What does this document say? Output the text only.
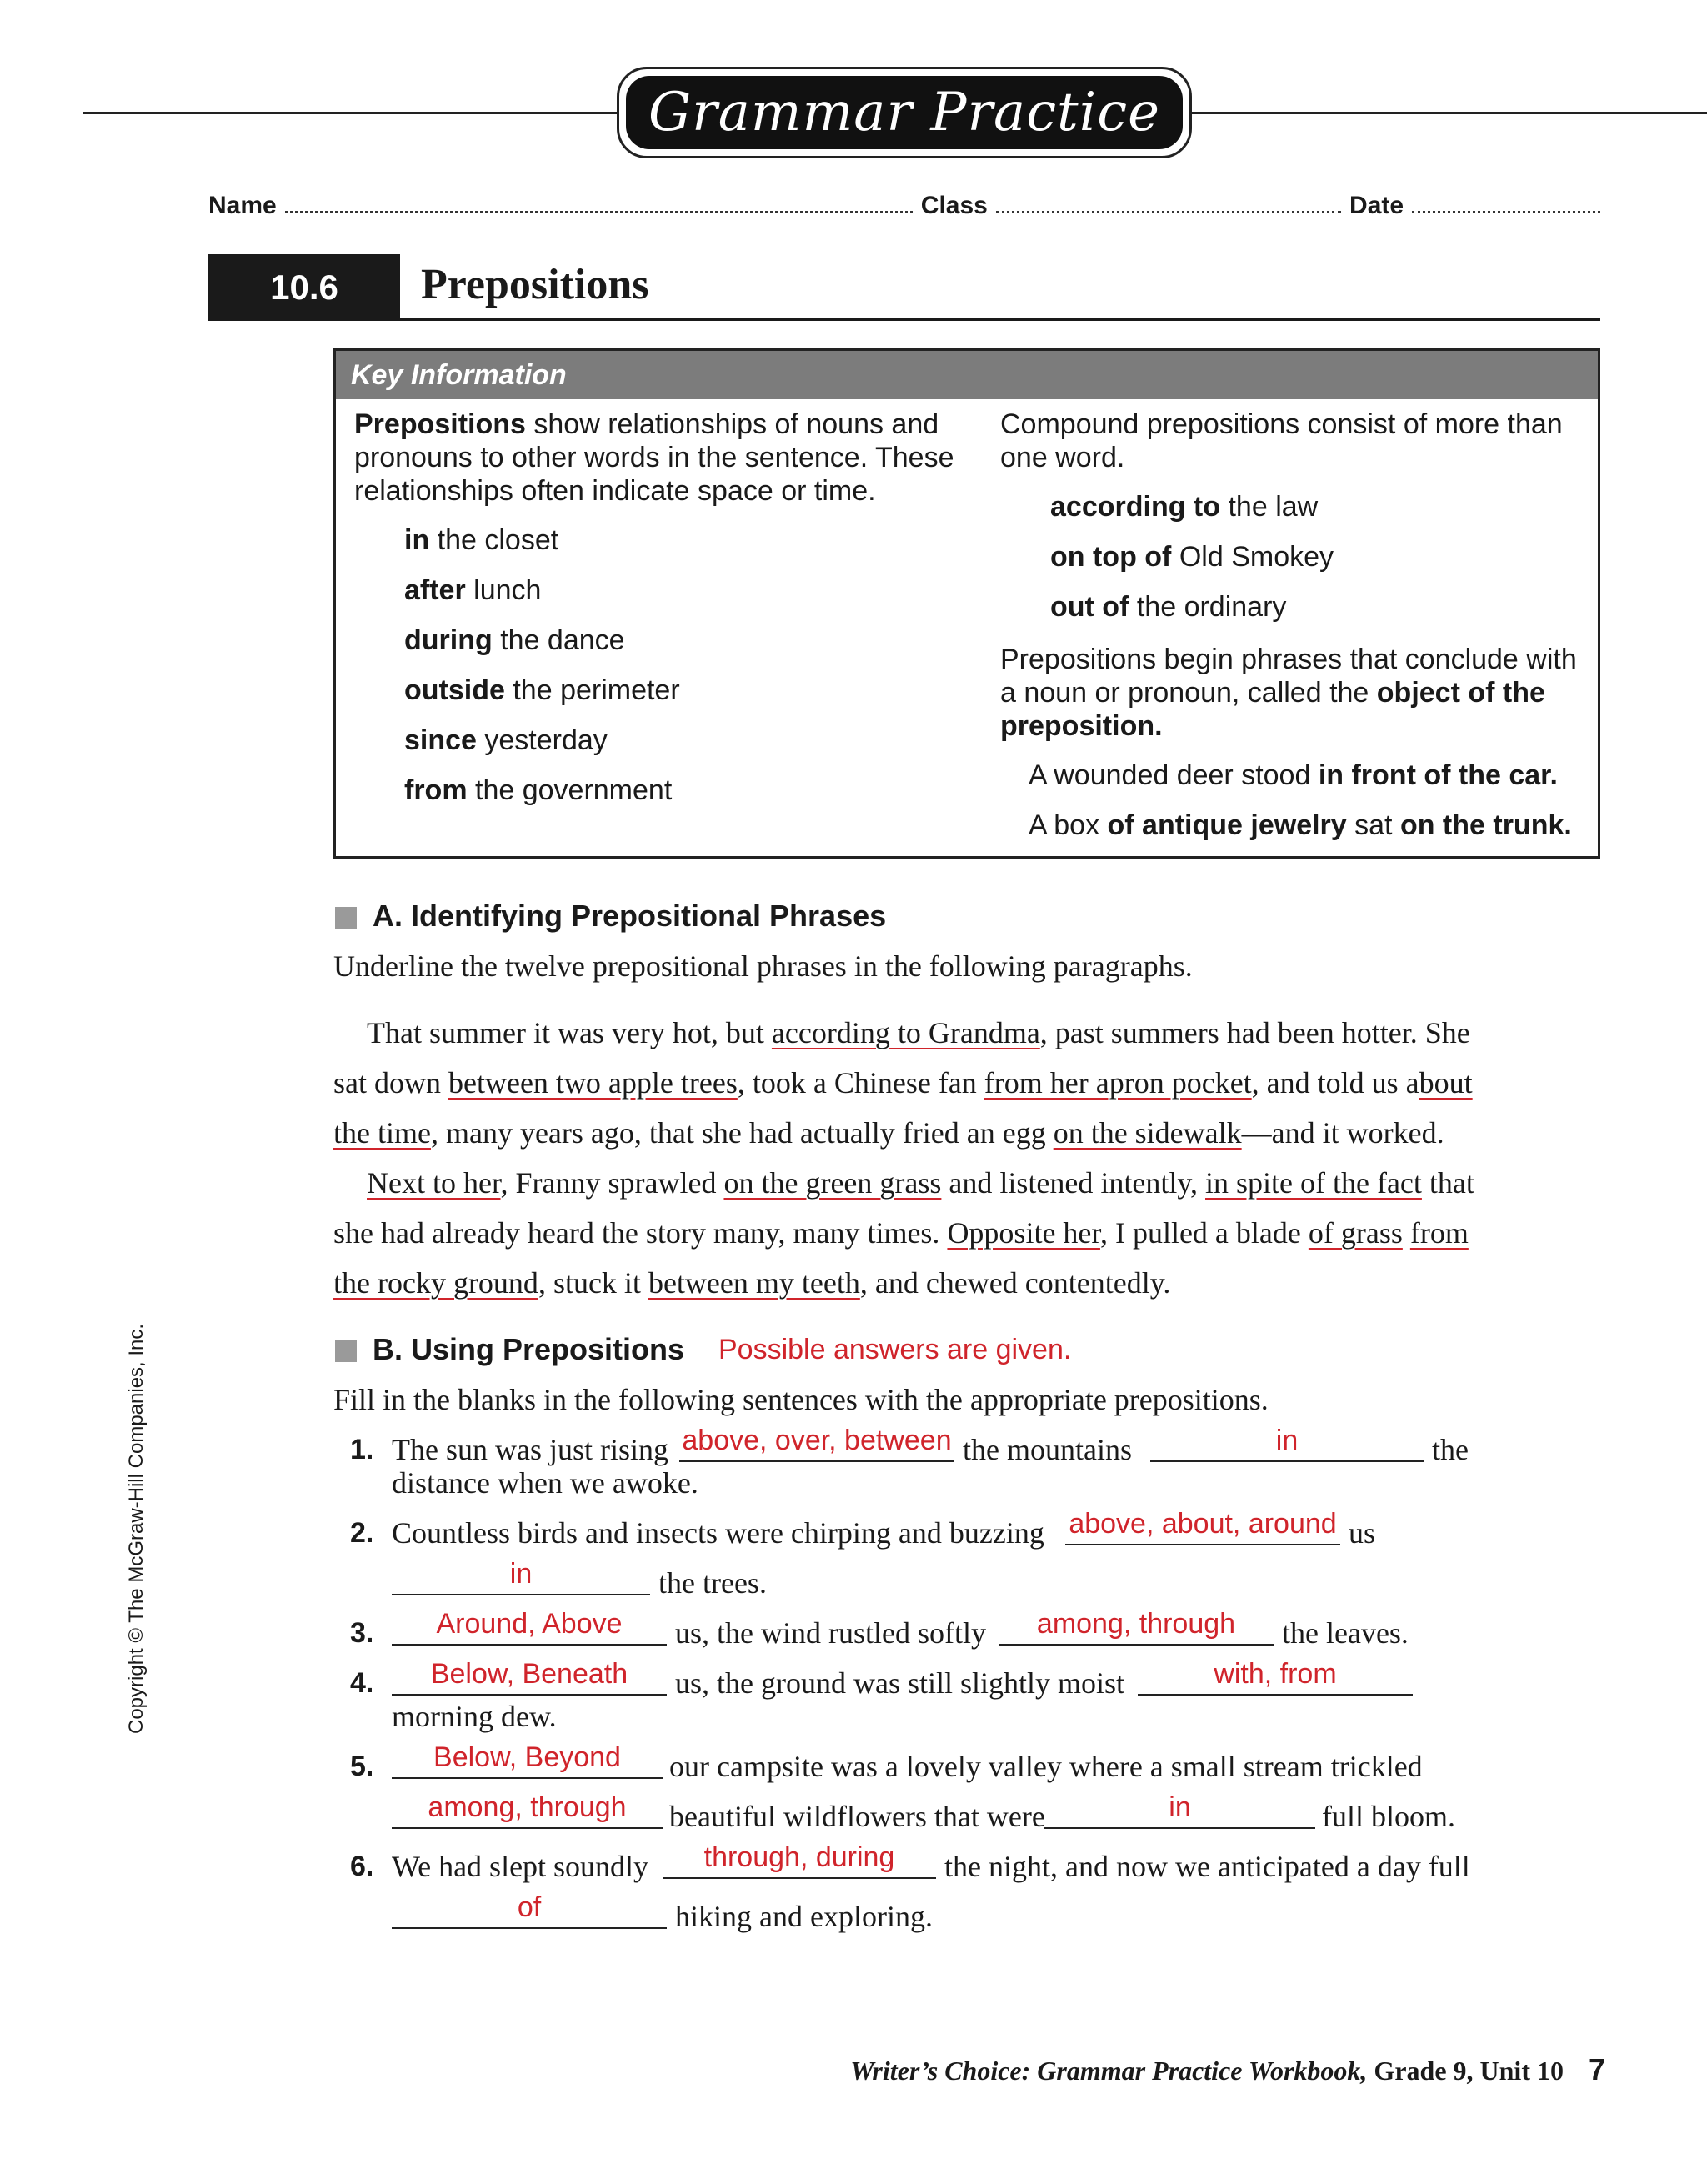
Grammar Practice
Name	Class	Date
10.6	Prepositions
Key Information

Prepositions show relationships of nouns and

pronouns to other words in the sentence. These

relationships often indicate space or time.

in the closet
after lunch
during the dance
outside the perimeter
since yesterday
from the government

Compound prepositions consist of more than

one word.

according to the law
on top of Old Smokey
out of the ordinary

Prepositions begin phrases that conclude with

a noun or pronoun, called the object of the

preposition.

A wounded deer stood in front of the car.
A box of antique jewelry sat on the trunk.
A. Identifying Prepositional Phrases
Underline the twelve prepositional phrases in the following paragraphs.
That summer it was very hot, but according to Grandma, past summers had been hotter. She
sat down between two apple trees, took a Chinese fan from her apron pocket, and told us about
the time, many years ago, that she had actually fried an egg on the sidewalk—and it worked.
Next to her, Franny sprawled on the green grass and listened intently, in spite of the fact that
she had already heard the story many, many times. Opposite her, I pulled a blade of grass from
the rocky ground, stuck it between my teeth, and chewed contentedly.
B. Using Prepositions Possible answers are given.
Fill in the blanks in the following sentences with the appropriate prepositions.
1. The sun was just rising above, over, between the mountains	in	the
distance when we awoke.
2. Countless birds and insects were chirping and buzzing above, about, around us
in	the trees.
3.	Around, Above	us, the wind rustled softly	among, through	the leaves.
4.	Below, Beneath	us, the ground was still slightly moist	with, from
morning dew.
5.	Below, Beyond	our campsite was a lovely valley where a small stream trickled
among, through	beautiful wildflowers that were	in	full bloom.
6. We had slept soundly	through, during	the night, and now we anticipated a day full
of	hiking and exploring.
Copyright © The McGraw-Hill Companies, Inc.
Writer’s Choice: Grammar Practice Workbook, Grade 9, Unit 10 7
